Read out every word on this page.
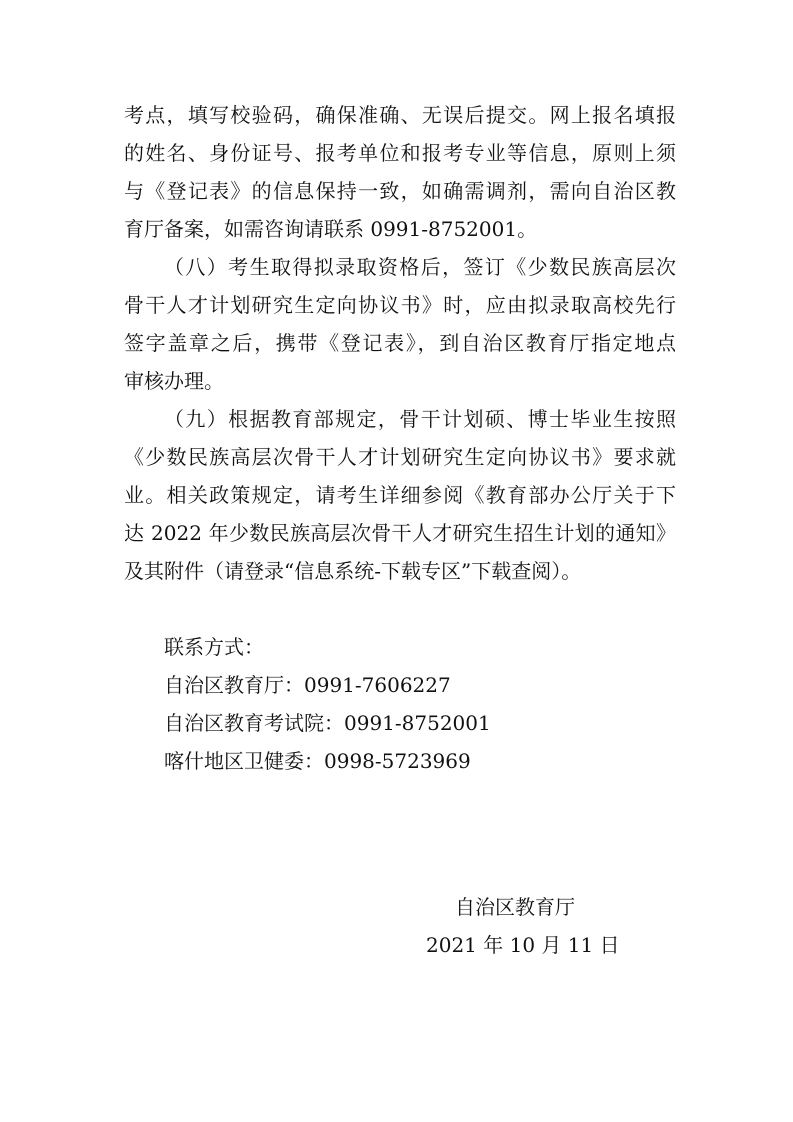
考点，填写校验码，确保准确、无误后提交。网上报名填报
的姓名、身份证号、报考单位和报考专业等信息，原则上须
与《登记表》的信息保持一致，如确需调剂，需向自治区教
育厅备案，如需咨询请联系 0991-8752001。
（八）考生取得拟录取资格后，签订《少数民族高层次
骨干人才计划研究生定向协议书》时，应由拟录取高校先行
签字盖章之后，携带《登记表》，到自治区教育厅指定地点
审核办理。
（九）根据教育部规定，骨干计划硕、博士毕业生按照
《少数民族高层次骨干人才计划研究生定向协议书》要求就
业。相关政策规定，请考生详细参阅《教育部办公厅关于下
达 2022 年少数民族高层次骨干人才研究生招生计划的通知》
及其附件（请登录“信息系统-下载专区”下载查阅）。
联系方式：
自治区教育厅：0991-7606227
自治区教育考试院：0991-8752001
喀什地区卫健委：0998-5723969
自治区教育厅
2021 年 10 月 11 日
